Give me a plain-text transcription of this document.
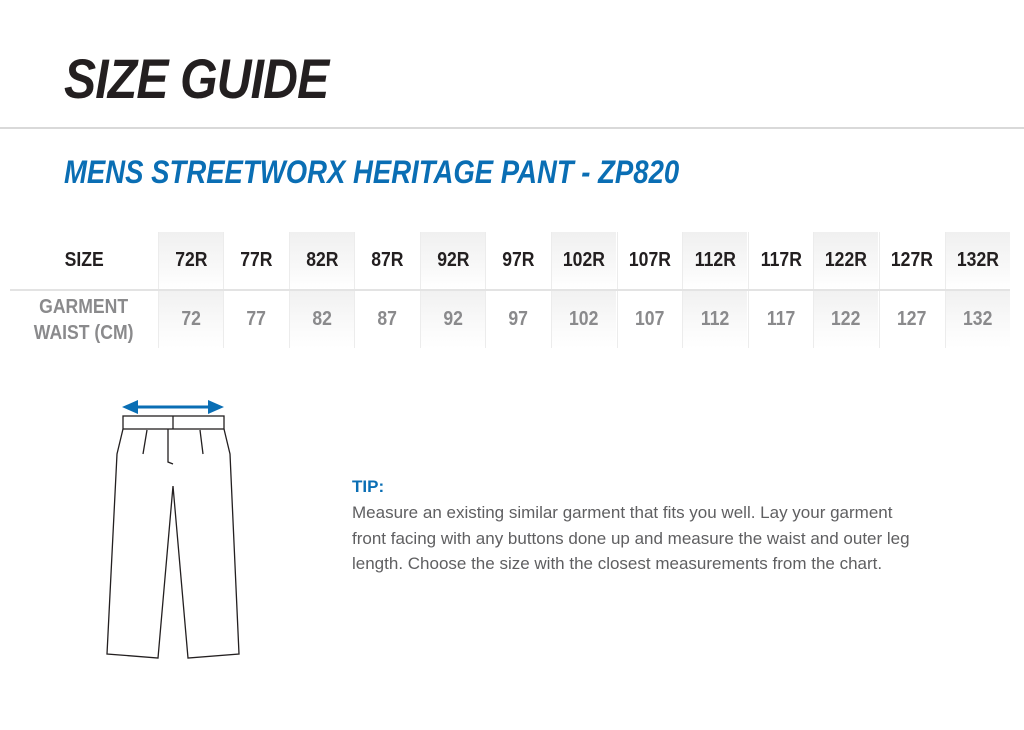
SIZE GUIDE
MENS STREETWORX HERITAGE PANT - ZP820
SIZE	72R 77R 82R 87R 92R 97R 102R 107R 112R 117R 122R 127R 132R
GARMENT
WAIST (CM)
72 77 82 87 92 97 102 107 112 117 122 127 132
TIP:
Measure an existing similar garment that fits you well. Lay your garment front facing with any buttons done up and measure the waist and outer leg length. Choose the size with the closest measurements from the chart.
